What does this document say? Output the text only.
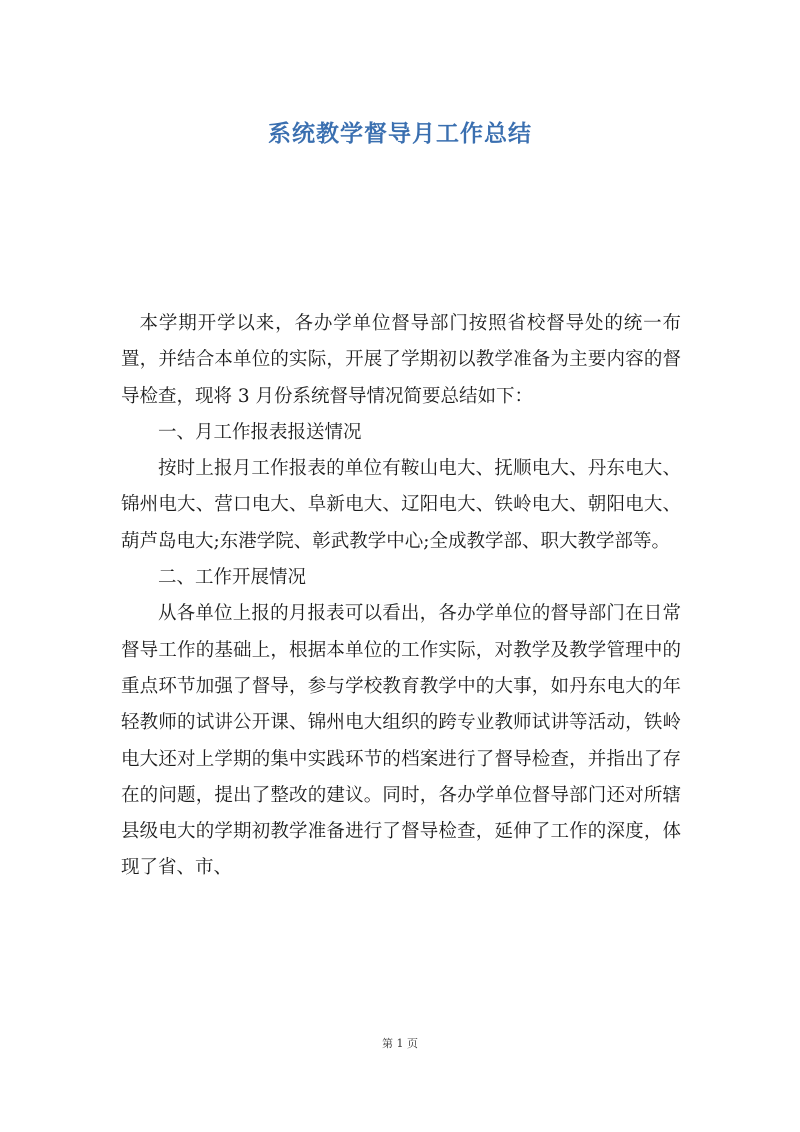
系统教学督导月工作总结

本学期开学以来，各办学单位督导部门按照省校督导处的统一布置，并结合本单位的实际，开展了学期初以教学准备为主要内容的督导检查，现将 3 月份系统督导情况简要总结如下：

一、月工作报表报送情况

按时上报月工作报表的单位有鞍山电大、抚顺电大、丹东电大、锦州电大、营口电大、阜新电大、辽阳电大、铁岭电大、朝阳电大、葫芦岛电大;东港学院、彰武教学中心;全成教学部、职大教学部等。

二、工作开展情况

从各单位上报的月报表可以看出，各办学单位的督导部门在日常督导工作的基础上，根据本单位的工作实际，对教学及教学管理中的重点环节加强了督导，参与学校教育教学中的大事，如丹东电大的年轻教师的试讲公开课、锦州电大组织的跨专业教师试讲等活动，铁岭电大还对上学期的集中实践环节的档案进行了督导检查，并指出了存在的问题，提出了整改的建议。同时，各办学单位督导部门还对所辖县级电大的学期初教学准备进行了督导检查，延伸了工作的深度，体现了省、市、

第 1 页
